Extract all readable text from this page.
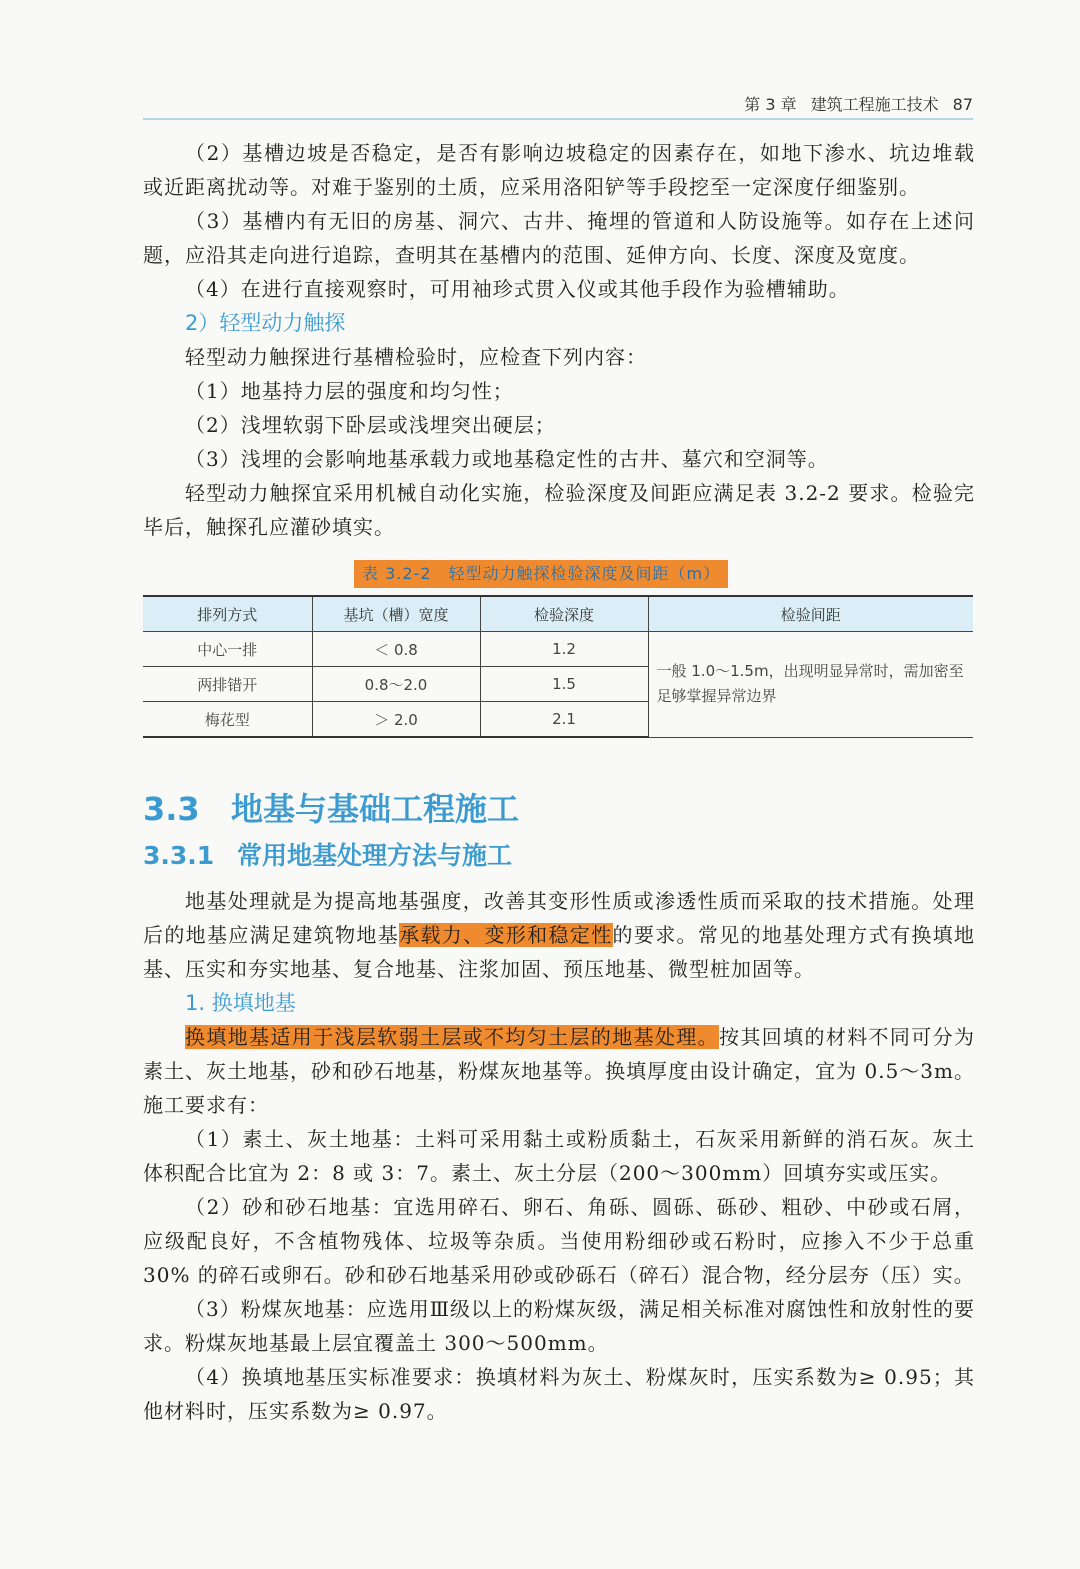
第 3 章 建筑工程施工技术 87

（2）基槽边坡是否稳定，是否有影响边坡稳定的因素存在，如地下渗水、坑边堆载或近距离扰动等。对难于鉴别的土质，应采用洛阳铲等手段挖至一定深度仔细鉴别。

（3）基槽内有无旧的房基、洞穴、古井、掩埋的管道和人防设施等。如存在上述问题，应沿其走向进行追踪，查明其在基槽内的范围、延伸方向、长度、深度及宽度。

（4）在进行直接观察时，可用袖珍式贯入仪或其他手段作为验槽辅助。

2）轻型动力触探

轻型动力触探进行基槽检验时，应检查下列内容：

（1）地基持力层的强度和均匀性；

（2）浅埋软弱下卧层或浅埋突出硬层；

（3）浅埋的会影响地基承载力或地基稳定性的古井、墓穴和空洞等。

轻型动力触探宜采用机械自动化实施，检验深度及间距应满足表 3.2-2 要求。检验完毕后，触探孔应灌砂填实。

表 3.2-2　轻型动力触探检验深度及间距（m）
排列方式	基坑（槽）宽度	检验深度	检验间距
中心一排	＜ 0.8	1.2	一般 1.0～1.5m，出现明显异常时，需加密至足够掌握异常边界
两排错开	0.8～2.0	1.5	
梅花型	＞ 2.0	2.1	
3.3 地基与基础工程施工
3.3.1 常用地基处理方法与施工

地基处理就是为提高地基强度，改善其变形性质或渗透性质而采取的技术措施。处理后的地基应满足建筑物地基承载力、变形和稳定性的要求。常见的地基处理方式有换填地基、压实和夯实地基、复合地基、注浆加固、预压地基、微型桩加固等。

1. 换填地基

换填地基适用于浅层软弱土层或不均匀土层的地基处理。按其回填的材料不同可分为素土、灰土地基，砂和砂石地基，粉煤灰地基等。换填厚度由设计确定，宜为 0.5～3m。施工要求有：

（1）素土、灰土地基：土料可采用黏土或粉质黏土，石灰采用新鲜的消石灰。灰土体积配合比宜为 2：8 或 3：7。素土、灰土分层（200～300mm）回填夯实或压实。

（2）砂和砂石地基：宜选用碎石、卵石、角砾、圆砾、砾砂、粗砂、中砂或石屑，应级配良好，不含植物残体、垃圾等杂质。当使用粉细砂或石粉时，应掺入不少于总重 30% 的碎石或卵石。砂和砂石地基采用砂或砂砾石（碎石）混合物，经分层夯（压）实。

（3）粉煤灰地基：应选用Ⅲ级以上的粉煤灰级，满足相关标准对腐蚀性和放射性的要求。粉煤灰地基最上层宜覆盖土 300～500mm。

（4）换填地基压实标准要求：换填材料为灰土、粉煤灰时，压实系数为≥ 0.95；其他材料时，压实系数为≥ 0.97。
